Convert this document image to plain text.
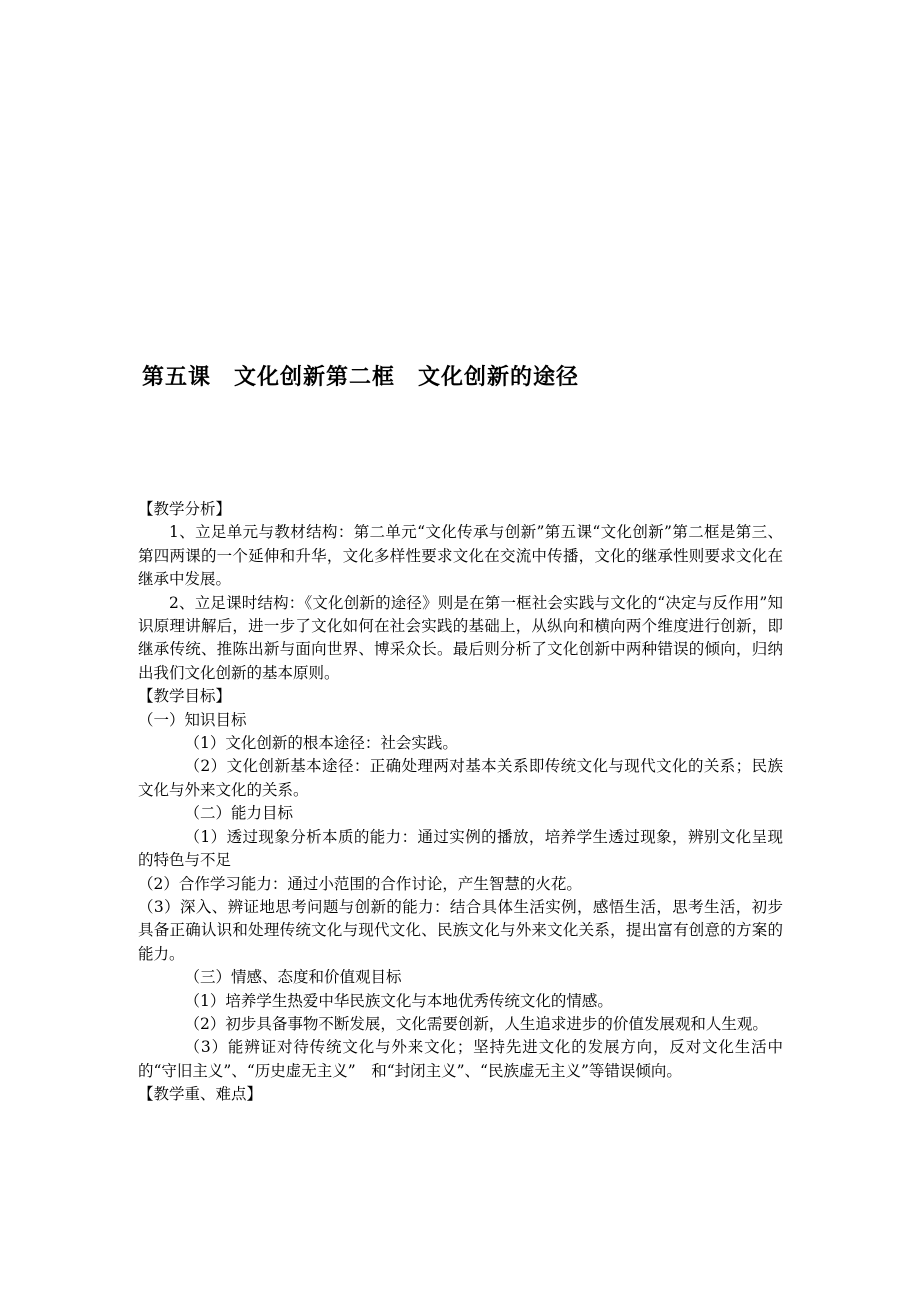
第五课　文化创新第二框　文化创新的途径

【教学分析】

1、立足单元与教材结构：第二单元“文化传承与创新”第五课“文化创新”第二框是第三、第四两课的一个延伸和升华，文化多样性要求文化在交流中传播，文化的继承性则要求文化在继承中发展。

2、立足课时结构：《文化创新的途径》则是在第一框社会实践与文化的“决定与反作用”知识原理讲解后，进一步了文化如何在社会实践的基础上，从纵向和横向两个维度进行创新，即继承传统、推陈出新与面向世界、博采众长。最后则分析了文化创新中两种错误的倾向，归纳出我们文化创新的基本原则。

【教学目标】

（一）知识目标

（1）文化创新的根本途径：社会实践。

（2）文化创新基本途径：正确处理两对基本关系即传统文化与现代文化的关系；民族文化与外来文化的关系。

（二）能力目标

（1）透过现象分析本质的能力：通过实例的播放，培养学生透过现象，辨别文化呈现的特色与不足

（2）合作学习能力：通过小范围的合作讨论，产生智慧的火花。

（3）深入、辨证地思考问题与创新的能力：结合具体生活实例，感悟生活，思考生活，初步具备正确认识和处理传统文化与现代文化、民族文化与外来文化关系，提出富有创意的方案的能力。

（三）情感、态度和价值观目标

（1）培养学生热爱中华民族文化与本地优秀传统文化的情感。

（2）初步具备事物不断发展，文化需要创新，人生追求进步的价值发展观和人生观。

（3）能辨证对待传统文化与外来文化；坚持先进文化的发展方向，反对文化生活中的“守旧主义”、“历史虚无主义”　和“封闭主义”、“民族虚无主义”等错误倾向。

【教学重、难点】
